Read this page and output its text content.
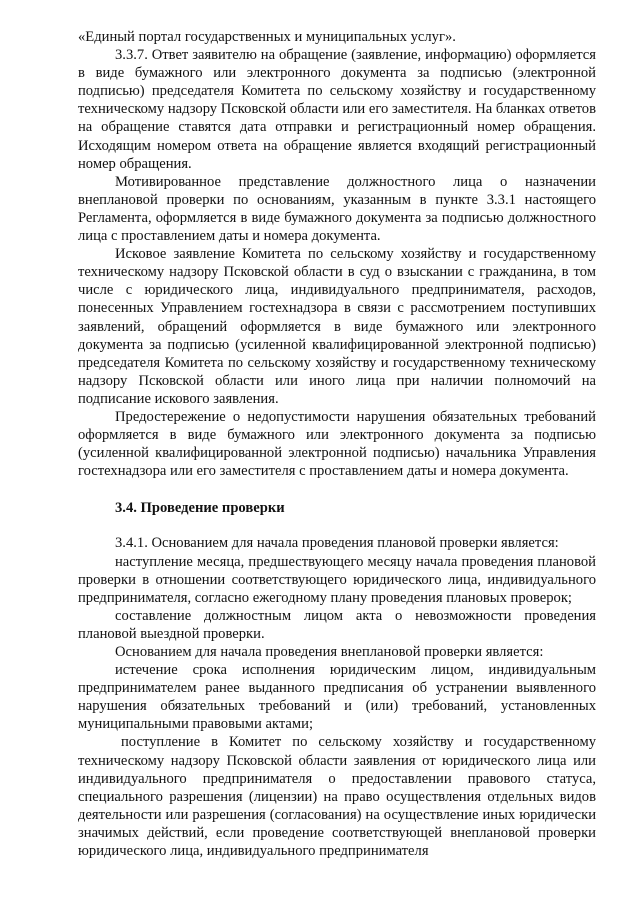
«Единый портал государственных и муниципальных услуг».

3.3.7. Ответ заявителю на обращение (заявление, информацию) оформляется в виде бумажного или электронного документа за подписью (электронной подписью) председателя Комитета по сельскому хозяйству и государственному техническому надзору Псковской области или его заместителя. На бланках ответов на обращение ставятся дата отправки и регистрационный номер обращения. Исходящим номером ответа на обращение является входящий регистрационный номер обращения.

Мотивированное представление должностного лица о назначении внеплановой проверки по основаниям, указанным в пункте 3.3.1 настоящего Регламента, оформляется в виде бумажного документа за подписью должностного лица с проставлением даты и номера документа.

Исковое заявление Комитета по сельскому хозяйству и государственному техническому надзору Псковской области в суд о взыскании с гражданина, в том числе с юридического лица, индивидуального предпринимателя, расходов, понесенных Управлением гостехнадзора в связи с рассмотрением поступивших заявлений, обращений оформляется в виде бумажного или электронного документа за подписью (усиленной квалифицированной электронной подписью) председателя Комитета по сельскому хозяйству и государственному техническому надзору Псковской области или иного лица при наличии полномочий на подписание искового заявления.

Предостережение о недопустимости нарушения обязательных требований оформляется в виде бумажного или электронного документа за подписью (усиленной квалифицированной электронной подписью) начальника Управления гостехнадзора или его заместителя с проставлением даты и номера документа.

3.4. Проведение проверки

3.4.1. Основанием для начала проведения плановой проверки является:

наступление месяца, предшествующего месяцу начала проведения плановой проверки в отношении соответствующего юридического лица, индивидуального предпринимателя, согласно ежегодному плану проведения плановых проверок;

составление должностным лицом акта о невозможности проведения плановой выездной проверки.

Основанием для начала проведения внеплановой проверки является:

истечение срока исполнения юридическим лицом, индивидуальным предпринимателем ранее выданного предписания об устранении выявленного нарушения обязательных требований и (или) требований, установленных муниципальными правовыми актами;

поступление в Комитет по сельскому хозяйству и государственному техническому надзору Псковской области заявления от юридического лица или индивидуального предпринимателя о предоставлении правового статуса, специального разрешения (лицензии) на право осуществления отдельных видов деятельности или разрешения (согласования) на осуществление иных юридически значимых действий, если проведение соответствующей внеплановой проверки юридического лица, индивидуального предпринимателя
